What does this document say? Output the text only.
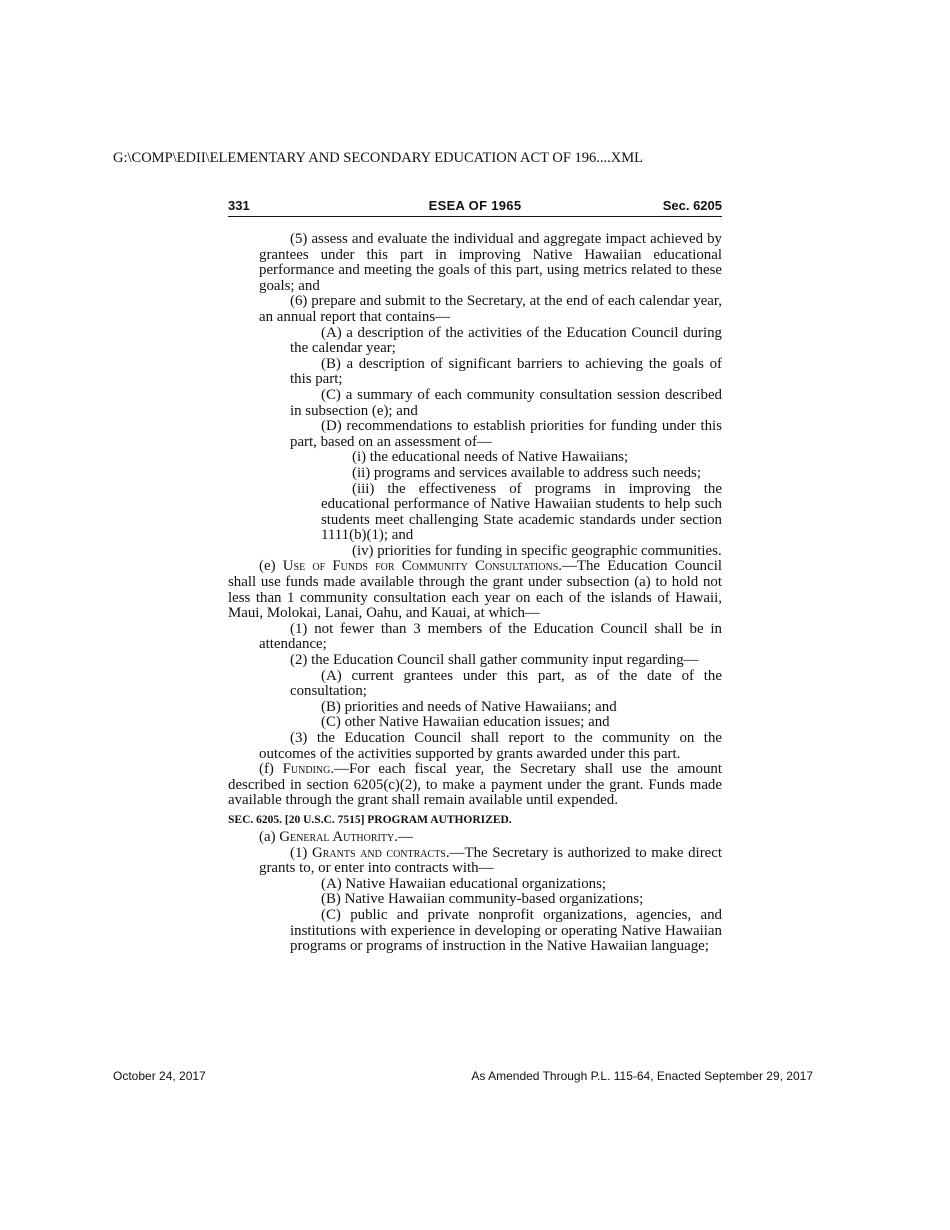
G:\COMP\EDII\ELEMENTARY AND SECONDARY EDUCATION ACT OF 196....XML
331	ESEA OF 1965	Sec. 6205

(5) assess and evaluate the individual and aggregate impact achieved by grantees under this part in improving Native Hawaiian educational performance and meeting the goals of this part, using metrics related to these goals; and

(6) prepare and submit to the Secretary, at the end of each calendar year, an annual report that contains—

(A) a description of the activities of the Education Council during the calendar year;

(B) a description of significant barriers to achieving the goals of this part;

(C) a summary of each community consultation session described in subsection (e); and

(D) recommendations to establish priorities for funding under this part, based on an assessment of—

(i) the educational needs of Native Hawaiians;

(ii) programs and services available to address such needs;

(iii) the effectiveness of programs in improving the educational performance of Native Hawaiian students to help such students meet challenging State academic standards under section 1111(b)(1); and

(iv) priorities for funding in specific geographic communities.

(e) Use of Funds for Community Consultations.—The Education Council shall use funds made available through the grant under subsection (a) to hold not less than 1 community consultation each year on each of the islands of Hawaii, Maui, Molokai, Lanai, Oahu, and Kauai, at which—

(1) not fewer than 3 members of the Education Council shall be in attendance;

(2) the Education Council shall gather community input regarding—

(A) current grantees under this part, as of the date of the consultation;

(B) priorities and needs of Native Hawaiians; and

(C) other Native Hawaiian education issues; and

(3) the Education Council shall report to the community on the outcomes of the activities supported by grants awarded under this part.

(f) Funding.—For each fiscal year, the Secretary shall use the amount described in section 6205(c)(2), to make a payment under the grant. Funds made available through the grant shall remain available until expended.

SEC. 6205. [20 U.S.C. 7515] PROGRAM AUTHORIZED.

(a) General Authority.—

(1) Grants and contracts.—The Secretary is authorized to make direct grants to, or enter into contracts with—

(A) Native Hawaiian educational organizations;

(B) Native Hawaiian community-based organizations;

(C) public and private nonprofit organizations, agencies, and institutions with experience in developing or operating Native Hawaiian programs or programs of instruction in the Native Hawaiian language;

October 24, 2017	As Amended Through P.L. 115-64, Enacted September 29, 2017
